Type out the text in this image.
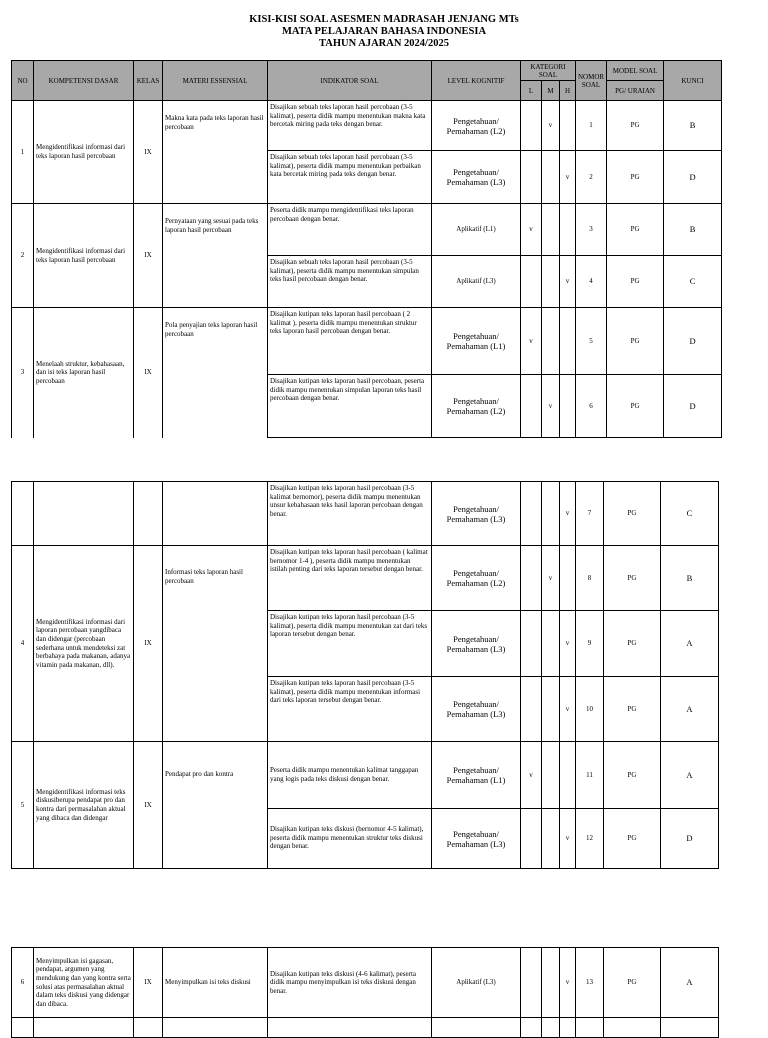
KISI-KISI SOAL ASESMEN MADRASAH JENJANG MTs
MATA PELAJARAN BAHASA INDONESIA
TAHUN AJARAN 2024/2025
NO	KOMPETENSI DASAR	KELAS	MATERI ESSENSIAL	INDIKATOR SOAL	LEVEL KOGNITIF	KATEGORI SOAL			NOMOR SOAL	MODEL SOAL	KUNCI
						L	M	H		PG/ URAIAN	
1	Mengidentifikasi informasi dari teks laporan hasil percobaan	IX	Makna kata pada teks laporan hasil percobaan	Disajikan sebuah teks laporan hasil percobaan (3-5 kalimat), peserta didik mampu menentukan makna kata bercetak miring pada teks dengan benar.	Pengetahuan/ Pemahaman (L2)		v		1	PG	B
				Disajikan sebuah teks laporan hasil percobaan (3-5 kalimat), peserta didik mampu menentukan perbaikan kata bercetak miring pada teks dengan benar.	Pengetahuan/ Pemahaman (L3)			v	2	PG	D
2	Mengidentifikasi informasi dari teks laporan hasil percobaan	IX	Pernyataan yang sesuai pada teks laporan hasil percobaan	Peserta didik mampu mengidentifikasi teks laporan percobaan dengan benar.	Aplikatif (L1)	v			3	PG	B
				Disajikan sebuah teks laporan hasil percobaan (3-5 kalimat), peserta didik mampu menentukan simpulan teks hasil percobaan dengan benar.	Aplikatif (L3)			v	4	PG	C
3	Menelaah struktur, kebahasaan, dan isi teks laporan hasil percobaan	IX	Pola penyajian teks laporan hasil percobaan	Disajikan kutipan teks laporan hasil percobaan ( 2 kalimat ), peserta didik mampu menentukan struktur teks laporan hasil percobaan dengan benar.	Pengetahuan/ Pemahaman (L1)	v			5	PG	D
				Disajikan kutipan teks laporan hasil percobaan, peserta didik mampu menentukan simpulan laporan teks hasil percobaan dengan benar.	Pengetahuan/ Pemahaman (L2)		v		6	PG	D
				Disajikan kutipan teks laporan hasil percobaan (3-5 kalimat bernomor), peserta didik mampu menentukan unsur kebahasaan teks hasil laporan percobaan dengan benar.	Pengetahuan/ Pemahaman (L3)			v	7	PG	C
4	Mengidentifikasi informasi dari laporan percobaan yangdibaca dan didengar (percobaan sederhana untuk mendeteksi zat berbahaya pada makanan, adanya vitamin pada makanan, dll).	IX	Informasi teks laporan hasil percobaan	Disajikan kutipan teks laporan hasil percobaan ( kalimat bernomor 1-4 ), peserta didik mampu menentukan istilah penting dari teks laporan tersebut dengan benar.	Pengetahuan/ Pemahaman (L2)		v		8	PG	B
				Disajikan kutipan teks laporan hasil percobaan (3-5 kalimat), peserta didik mampu menentukan zat dari teks laporan tersebut dengan benar.	Pengetahuan/ Pemahaman (L3)			v	9	PG	A
				Disajikan kutipan teks laporan hasil percobaan (3-5 kalimat), peserta didik mampu menentukan informasi dari teks laporan tersebut dengan benar.	Pengetahuan/ Pemahaman (L3)			v	10	PG	A
5	Mengidentifikasi informasi teks diskusiberupa pendapat pro dan kontra dari permasalahan aktual yang dibaca dan didengar	IX	Pendapat pro dan kontra	Peserta didik mampu menentukan kalimat tanggapan yang logis pada teks diskusi dengan benar.	Pengetahuan/ Pemahaman (L1)	v			11	PG	A
				Disajikan kutipan teks diskusi (bernomor 4-5 kalimat), peserta didik mampu menentukan struktur teks diskusi dengan benar.	Pengetahuan/ Pemahaman (L3)			v	12	PG	D
6	Menyimpulkan isi gagasan, pendapat, argumen yang mendukung dan yang kontra serta solusi atas permasalahan aktual dalam teks diskusi yang didengar dan dibaca.	IX	Menyimpulkan isi teks diskusi	Disajikan kutipan teks diskusi (4-6 kalimat), peserta didik mampu menyimpulkan isi teks diskusi dengan benar.	Aplikatif (L3)			v	13	PG	A
